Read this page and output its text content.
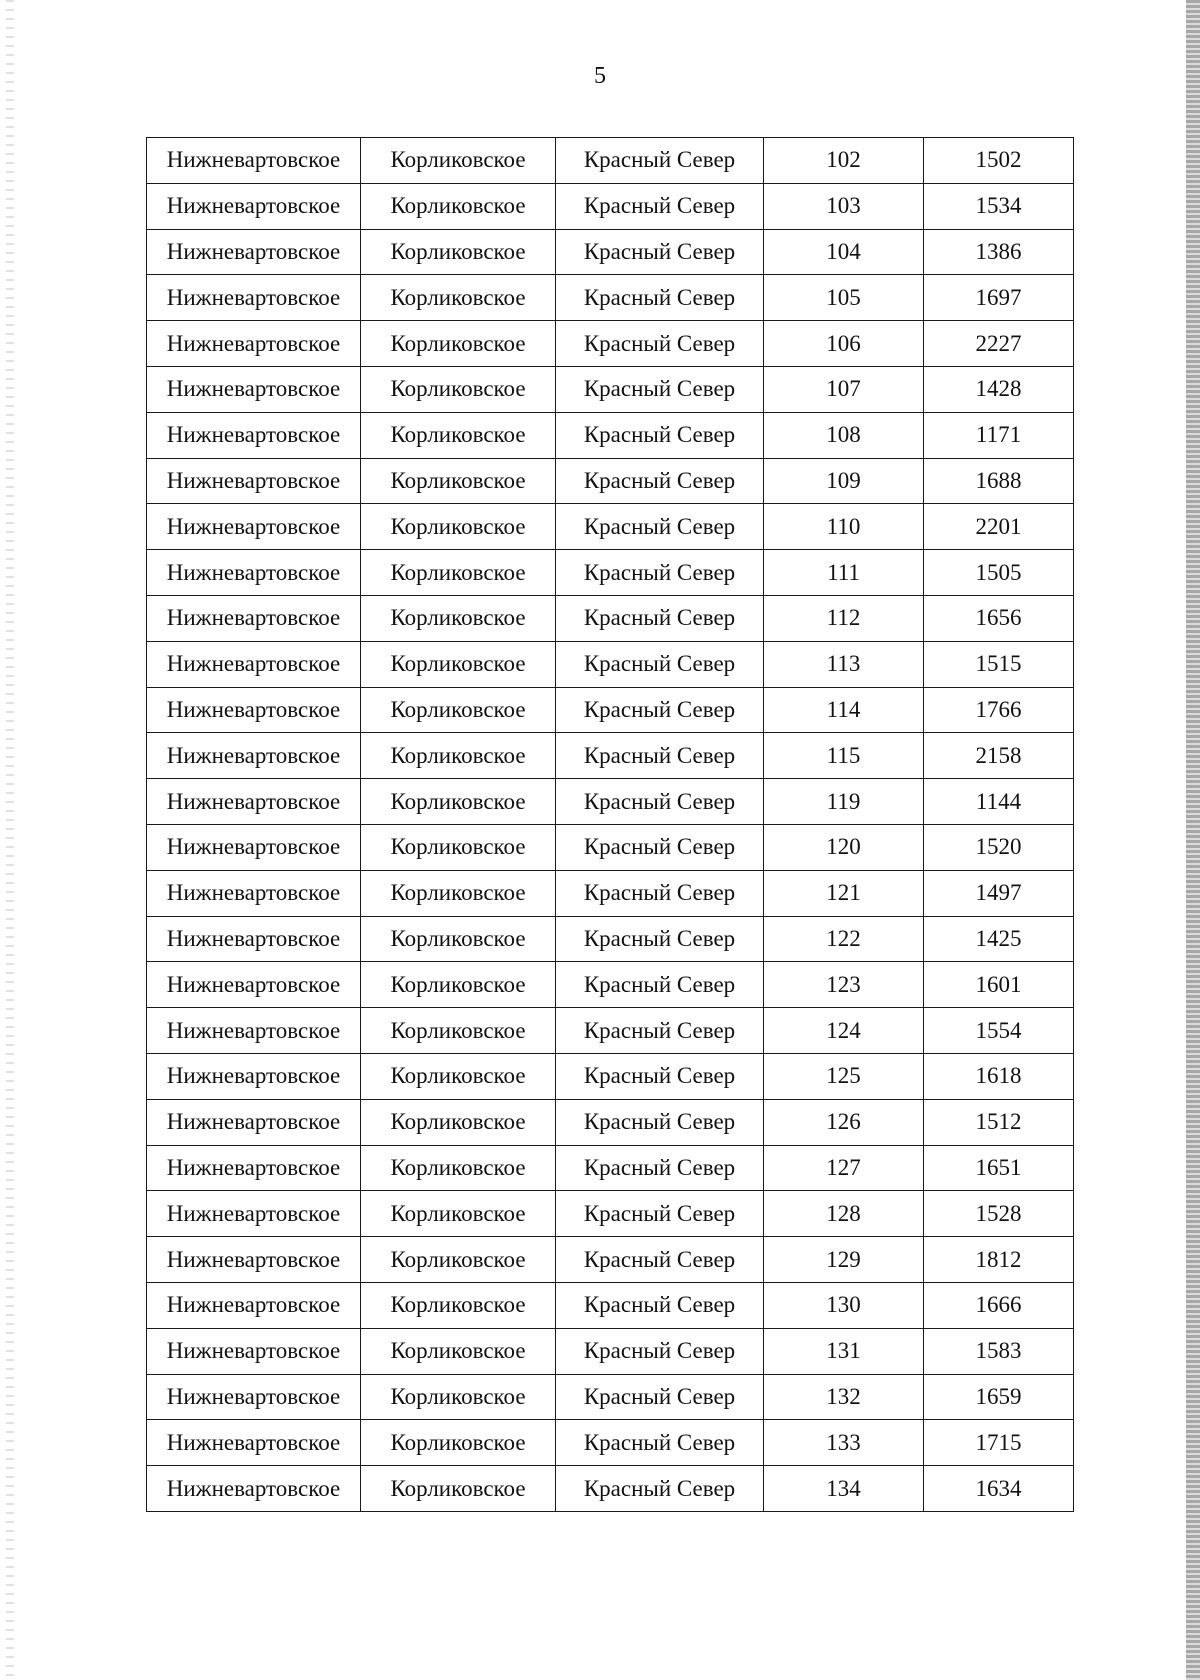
5
Нижневартовское	Корликовское	Красный Север	102	1502
Нижневартовское	Корликовское	Красный Север	103	1534
Нижневартовское	Корликовское	Красный Север	104	1386
Нижневартовское	Корликовское	Красный Север	105	1697
Нижневартовское	Корликовское	Красный Север	106	2227
Нижневартовское	Корликовское	Красный Север	107	1428
Нижневартовское	Корликовское	Красный Север	108	1171
Нижневартовское	Корликовское	Красный Север	109	1688
Нижневартовское	Корликовское	Красный Север	110	2201
Нижневартовское	Корликовское	Красный Север	111	1505
Нижневартовское	Корликовское	Красный Север	112	1656
Нижневартовское	Корликовское	Красный Север	113	1515
Нижневартовское	Корликовское	Красный Север	114	1766
Нижневартовское	Корликовское	Красный Север	115	2158
Нижневартовское	Корликовское	Красный Север	119	1144
Нижневартовское	Корликовское	Красный Север	120	1520
Нижневартовское	Корликовское	Красный Север	121	1497
Нижневартовское	Корликовское	Красный Север	122	1425
Нижневартовское	Корликовское	Красный Север	123	1601
Нижневартовское	Корликовское	Красный Север	124	1554
Нижневартовское	Корликовское	Красный Север	125	1618
Нижневартовское	Корликовское	Красный Север	126	1512
Нижневартовское	Корликовское	Красный Север	127	1651
Нижневартовское	Корликовское	Красный Север	128	1528
Нижневартовское	Корликовское	Красный Север	129	1812
Нижневартовское	Корликовское	Красный Север	130	1666
Нижневартовское	Корликовское	Красный Север	131	1583
Нижневартовское	Корликовское	Красный Север	132	1659
Нижневартовское	Корликовское	Красный Север	133	1715
Нижневартовское	Корликовское	Красный Север	134	1634
